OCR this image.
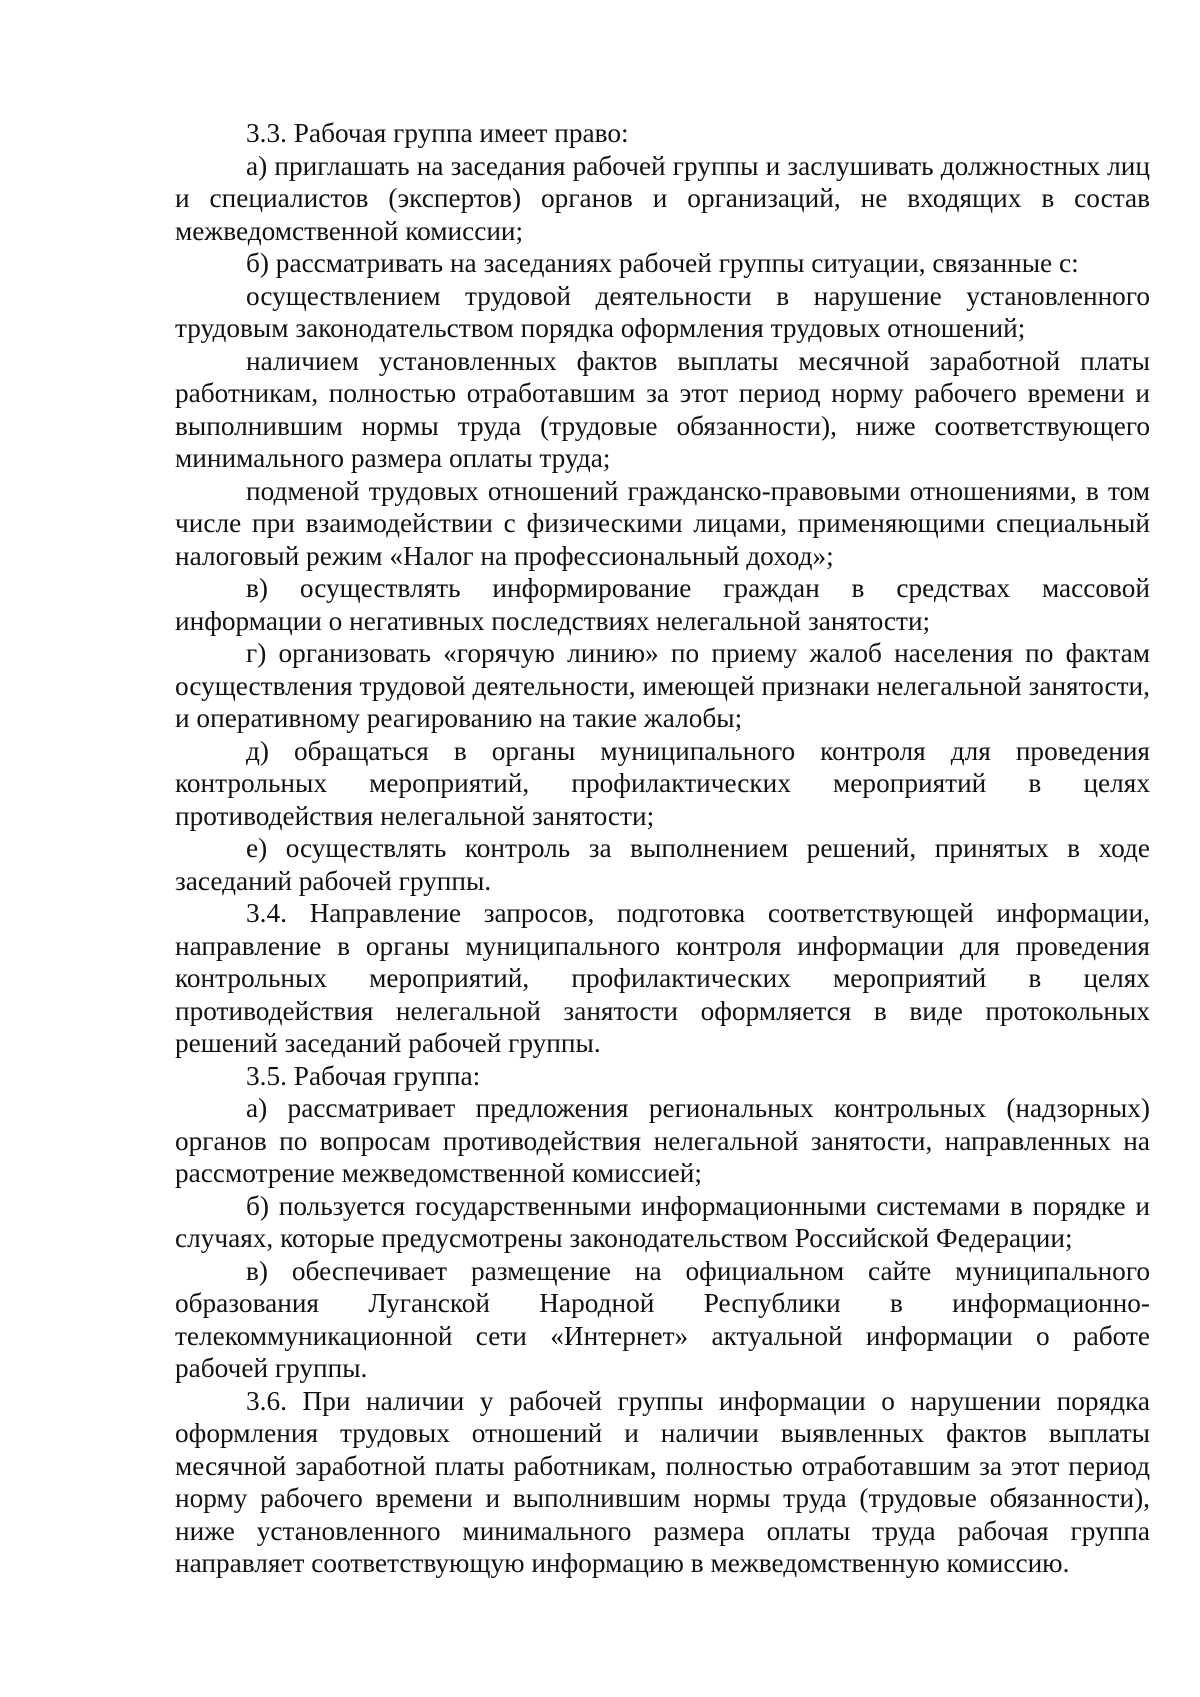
3.3. Рабочая группа имеет право:

а) приглашать на заседания рабочей группы и заслушивать должностных лиц и специалистов (экспертов) органов и организаций, не входящих в состав межведомственной комиссии;

б) рассматривать на заседаниях рабочей группы ситуации, связанные с:

осуществлением трудовой деятельности в нарушение установленного трудовым законодательством порядка оформления трудовых отношений;

наличием установленных фактов выплаты месячной заработной платы работникам, полностью отработавшим за этот период норму рабочего времени и выполнившим нормы труда (трудовые обязанности), ниже соответствующего минимального размера оплаты труда;

подменой трудовых отношений гражданско-правовыми отношениями, в том числе при взаимодействии с физическими лицами, применяющими специальный налоговый режим «Налог на профессиональный доход»;

в) осуществлять информирование граждан в средствах массовой информации о негативных последствиях нелегальной занятости;

г) организовать «горячую линию» по приему жалоб населения по фактам осуществления трудовой деятельности, имеющей признаки нелегальной занятости, и оперативному реагированию на такие жалобы;

д) обращаться в органы муниципального контроля для проведения контрольных мероприятий, профилактических мероприятий в целях противодействия нелегальной занятости;

е) осуществлять контроль за выполнением решений, принятых в ходе заседаний рабочей группы.

3.4. Направление запросов, подготовка соответствующей информации, направление в органы муниципального контроля информации для проведения контрольных мероприятий, профилактических мероприятий в целях противодействия нелегальной занятости оформляется в виде протокольных решений заседаний рабочей группы.

3.5. Рабочая группа:

а) рассматривает предложения региональных контрольных (надзорных) органов по вопросам противодействия нелегальной занятости, направленных на рассмотрение межведомственной комиссией;

б) пользуется государственными информационными системами в порядке и случаях, которые предусмотрены законодательством Российской Федерации;

в) обеспечивает размещение на официальном сайте муниципального образования Луганской Народной Республики в информационно-телекоммуникационной сети «Интернет» актуальной информации о работе рабочей группы.

3.6. При наличии у рабочей группы информации о нарушении порядка оформления трудовых отношений и наличии выявленных фактов выплаты месячной заработной платы работникам, полностью отработавшим за этот период норму рабочего времени и выполнившим нормы труда (трудовые обязанности), ниже установленного минимального размера оплаты труда рабочая группа направляет соответствующую информацию в межведомственную комиссию.
